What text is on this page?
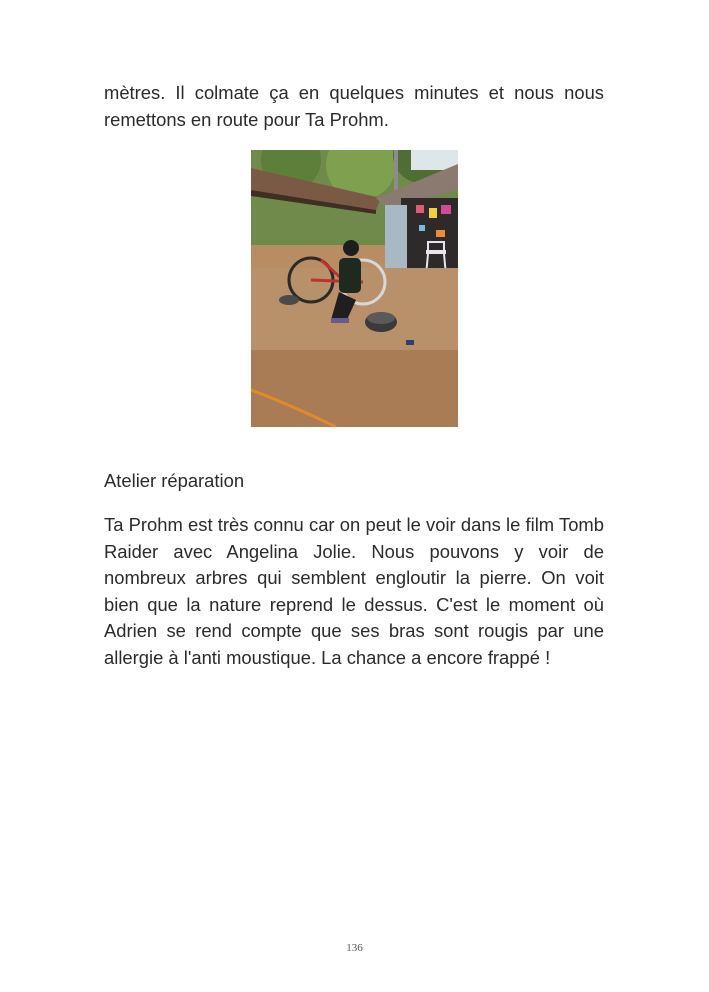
mètres. Il colmate ça en quelques minutes et nous nous remettons en route pour Ta Prohm.

Atelier réparation

Ta Prohm est très connu car on peut le voir dans le film Tomb Raider avec Angelina Jolie. Nous pouvons y voir de nombreux arbres qui semblent engloutir la pierre. On voit bien que la nature reprend le dessus. C'est le moment où Adrien se rend compte que ses bras sont rougis par une allergie à l'anti moustique. La chance a encore frappé !

136
